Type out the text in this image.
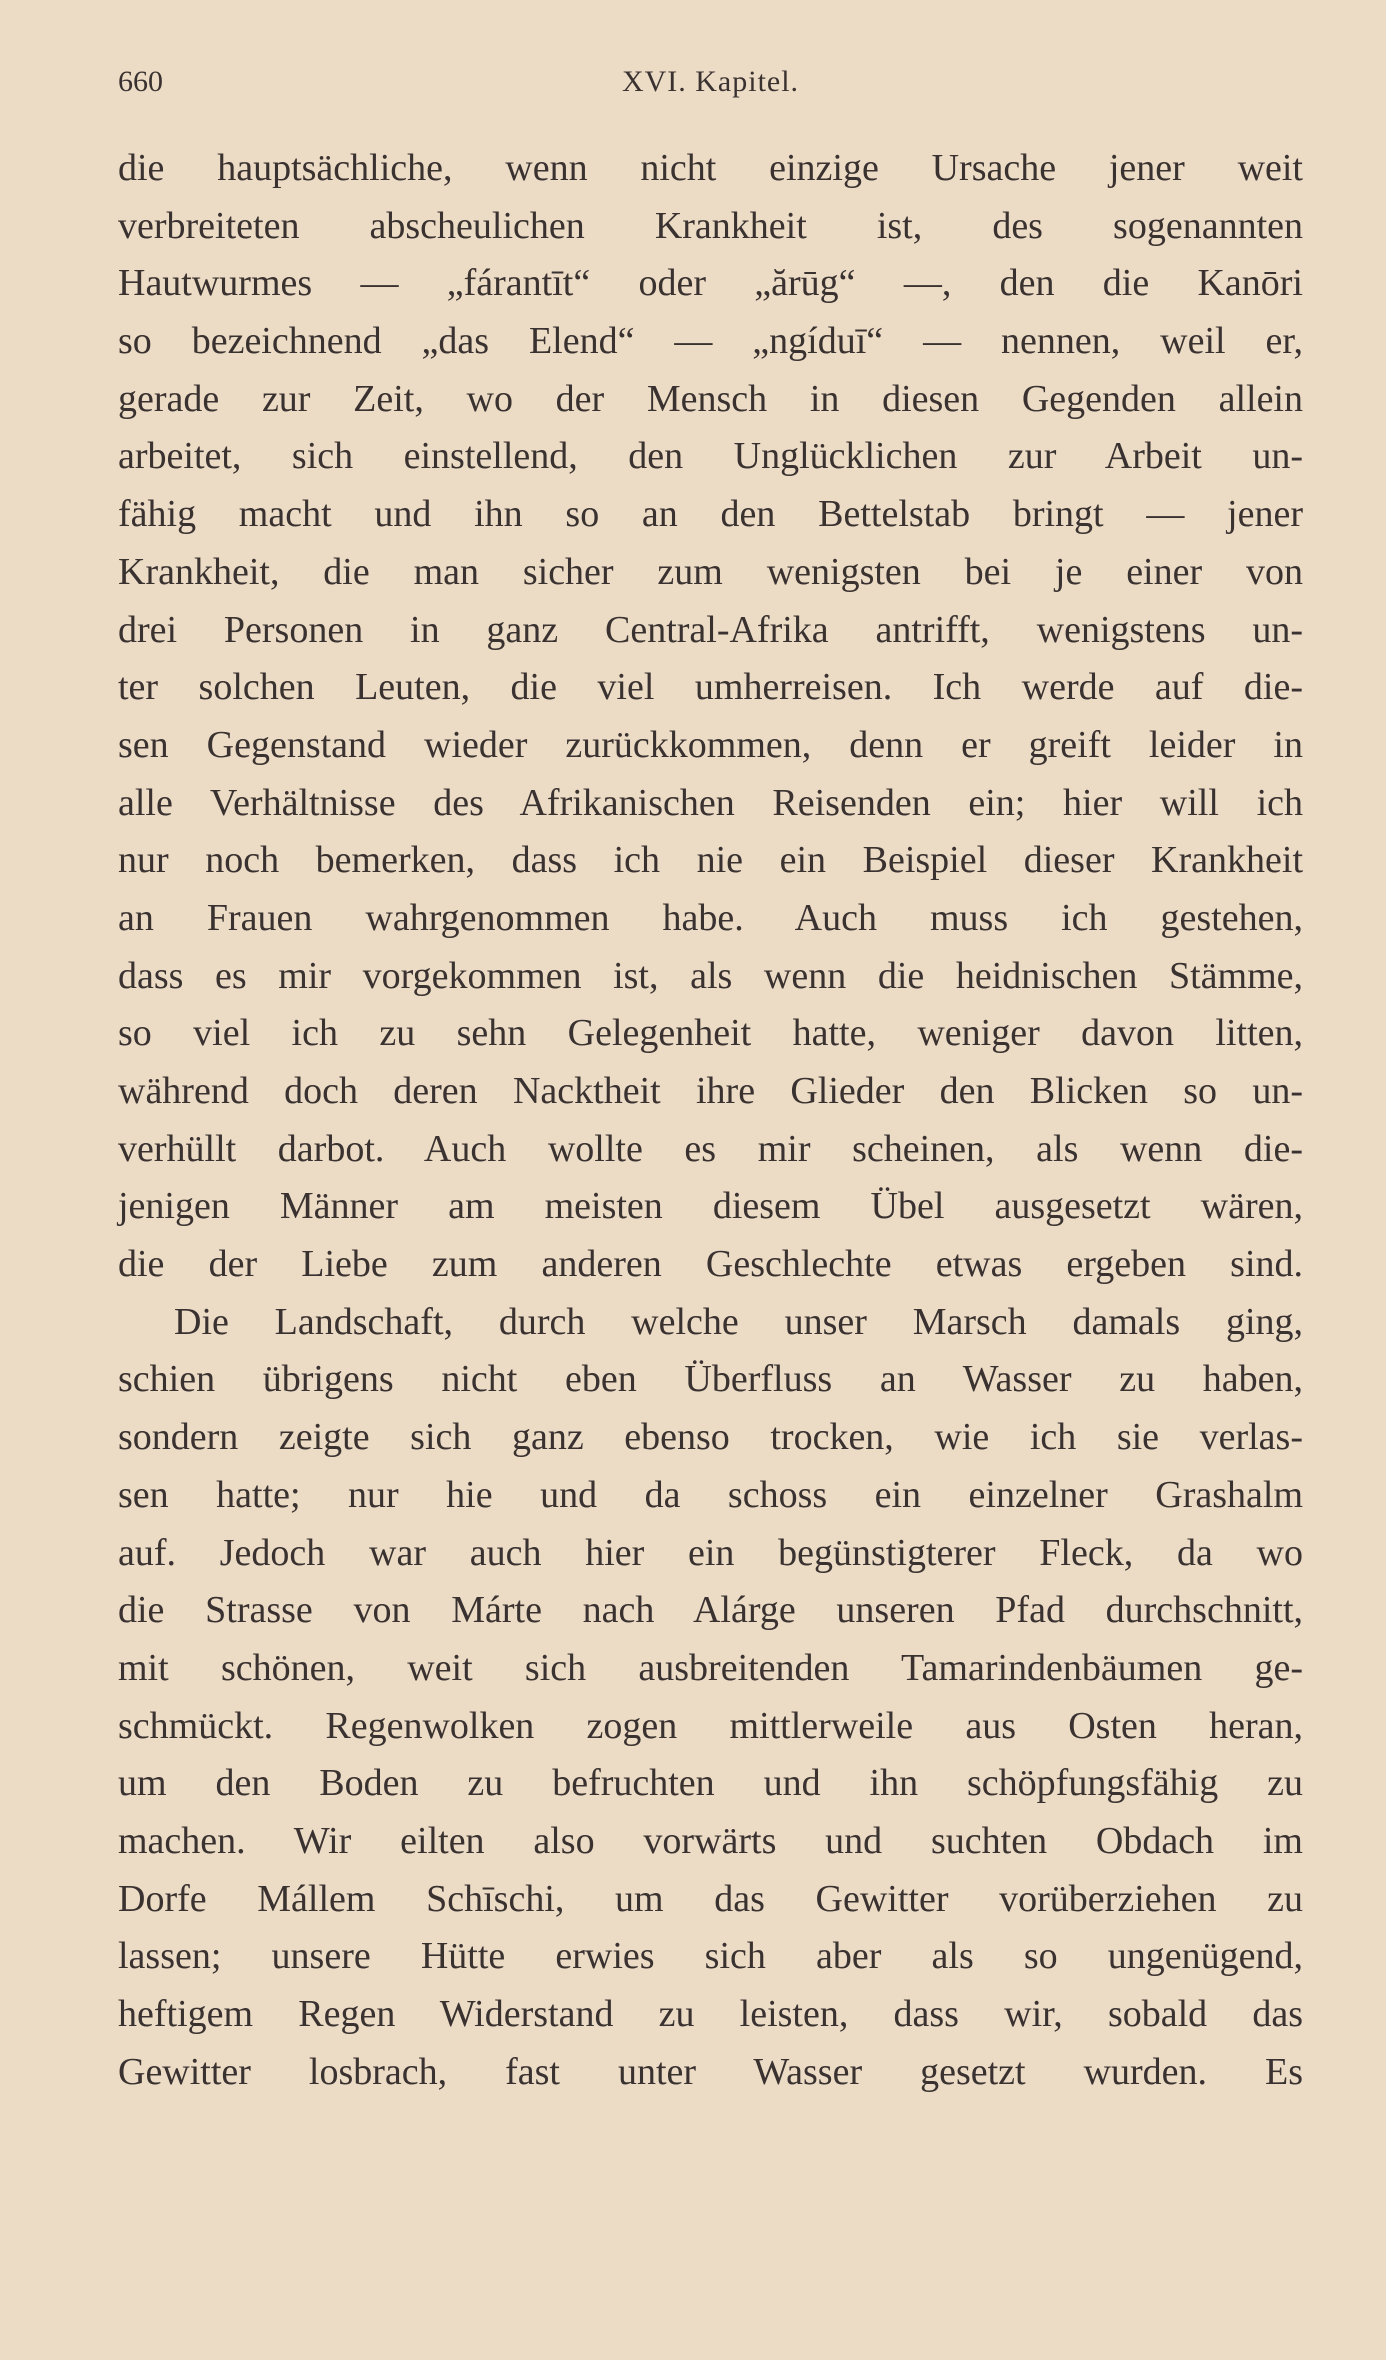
660	XVI. Kapitel.
die hauptsächliche, wenn nicht einzige Ursache jener weit
verbreiteten abscheulichen Krankheit ist, des sogenannten
Hautwurmes — „fárantīt“ oder „ărūg“ —, den die Kanōri
so bezeichnend „das Elend“ — „ngíduī“ — nennen, weil er,
gerade zur Zeit, wo der Mensch in diesen Gegenden allein
arbeitet, sich einstellend, den Unglücklichen zur Arbeit un-
fähig macht und ihn so an den Bettelstab bringt — jener
Krankheit, die man sicher zum wenigsten bei je einer von
drei Personen in ganz Central-Afrika antrifft, wenigstens un-
ter solchen Leuten, die viel umherreisen. Ich werde auf die-
sen Gegenstand wieder zurückkommen, denn er greift leider in
alle Verhältnisse des Afrikanischen Reisenden ein; hier will ich
nur noch bemerken, dass ich nie ein Beispiel dieser Krankheit
an Frauen wahrgenommen habe. Auch muss ich gestehen,
dass es mir vorgekommen ist, als wenn die heidnischen Stämme,
so viel ich zu sehn Gelegenheit hatte, weniger davon litten,
während doch deren Nacktheit ihre Glieder den Blicken so un-
verhüllt darbot. Auch wollte es mir scheinen, als wenn die-
jenigen Männer am meisten diesem Übel ausgesetzt wären,
die der Liebe zum anderen Geschlechte etwas ergeben sind.
Die Landschaft, durch welche unser Marsch damals ging,
schien übrigens nicht eben Überfluss an Wasser zu haben,
sondern zeigte sich ganz ebenso trocken, wie ich sie verlas-
sen hatte; nur hie und da schoss ein einzelner Grashalm
auf. Jedoch war auch hier ein begünstigterer Fleck, da wo
die Strasse von Márte nach Alárge unseren Pfad durchschnitt,
mit schönen, weit sich ausbreitenden Tamarindenbäumen ge-
schmückt. Regenwolken zogen mittlerweile aus Osten heran,
um den Boden zu befruchten und ihn schöpfungsfähig zu
machen. Wir eilten also vorwärts und suchten Obdach im
Dorfe Mállem Schīschi, um das Gewitter vorüberziehen zu
lassen; unsere Hütte erwies sich aber als so ungenügend,
heftigem Regen Widerstand zu leisten, dass wir, sobald das
Gewitter losbrach, fast unter Wasser gesetzt wurden. Es
